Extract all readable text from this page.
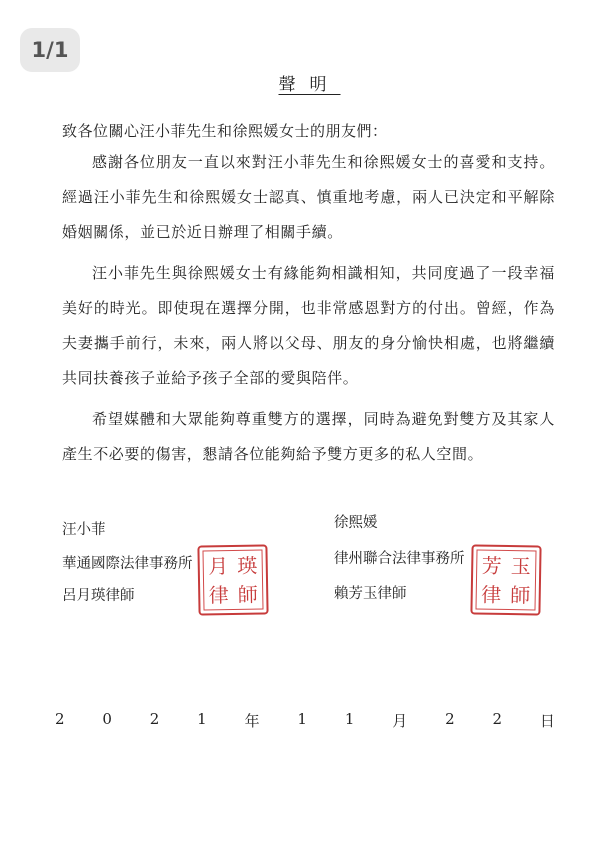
1/1
聲明
致各位關心汪小菲先生和徐熙媛女士的朋友們：

感謝各位朋友一直以來對汪小菲先生和徐熙媛女士的喜愛和支持。經過汪小菲先生和徐熙媛女士認真、慎重地考慮，兩人已決定和平解除婚姻關係，並已於近日辦理了相關手續。

汪小菲先生與徐熙媛女士有緣能夠相識相知，共同度過了一段幸福美好的時光。即使現在選擇分開，也非常感恩對方的付出。曾經，作為夫妻攜手前行，未來，兩人將以父母、朋友的身分愉快相處，也將繼續共同扶養孩子並給予孩子全部的愛與陪伴。

希望媒體和大眾能夠尊重雙方的選擇，同時為避免對雙方及其家人產生不必要的傷害，懇請各位能夠給予雙方更多的私人空間。

汪小菲
華通國際法律事務所
呂月瑛律師
月 瑛
律 師
徐熙媛
律州聯合法律事務所
賴芳玉律師
芳 玉
律 師
2	0	2	1	年	1	1	月	2	2	日
